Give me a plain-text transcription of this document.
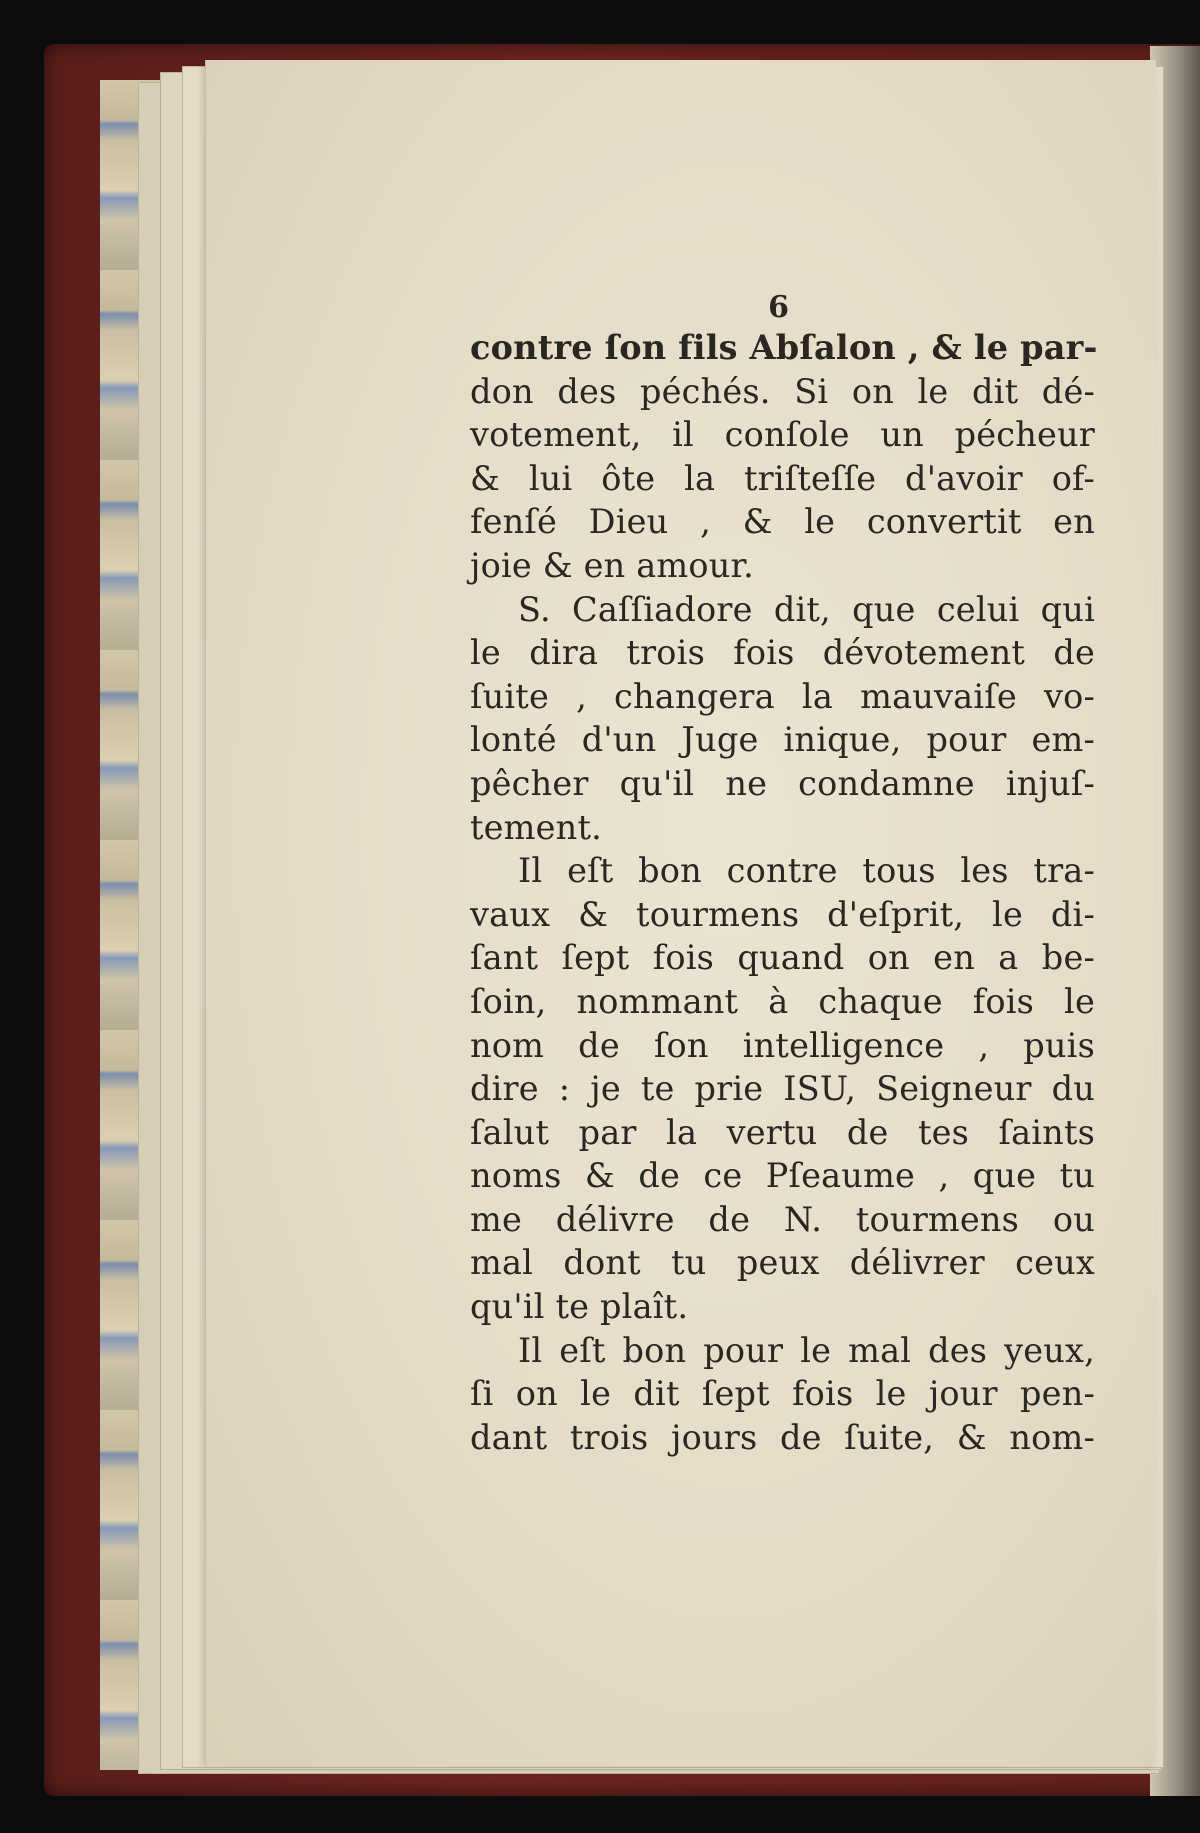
6
contre ſon fils Abſalon , & le par-
don des péchés. Si on le dit dé-
votement, il conſole un pécheur
& lui ôte la triſteſſe d'avoir of-
fenſé Dieu , & le convertit en
joie & en amour.
S. Caſſiadore dit, que celui qui
le dira trois fois dévotement de
ſuite , changera la mauvaiſe vo-
lonté d'un Juge inique, pour em-
pêcher qu'il ne condamne injuſ-
tement.
Il eſt bon contre tous les tra-
vaux & tourmens d'eſprit, le di-
ſant ſept fois quand on en a be-
ſoin, nommant à chaque fois le
nom de ſon intelligence , puis
dire : je te prie ISU, Seigneur du
ſalut par la vertu de tes ſaints
noms & de ce Pſeaume , que tu
me délivre de N. tourmens ou
mal dont tu peux délivrer ceux
qu'il te plaît.
Il eſt bon pour le mal des yeux,
ſi on le dit ſept fois le jour pen-
dant trois jours de ſuite, & nom-
